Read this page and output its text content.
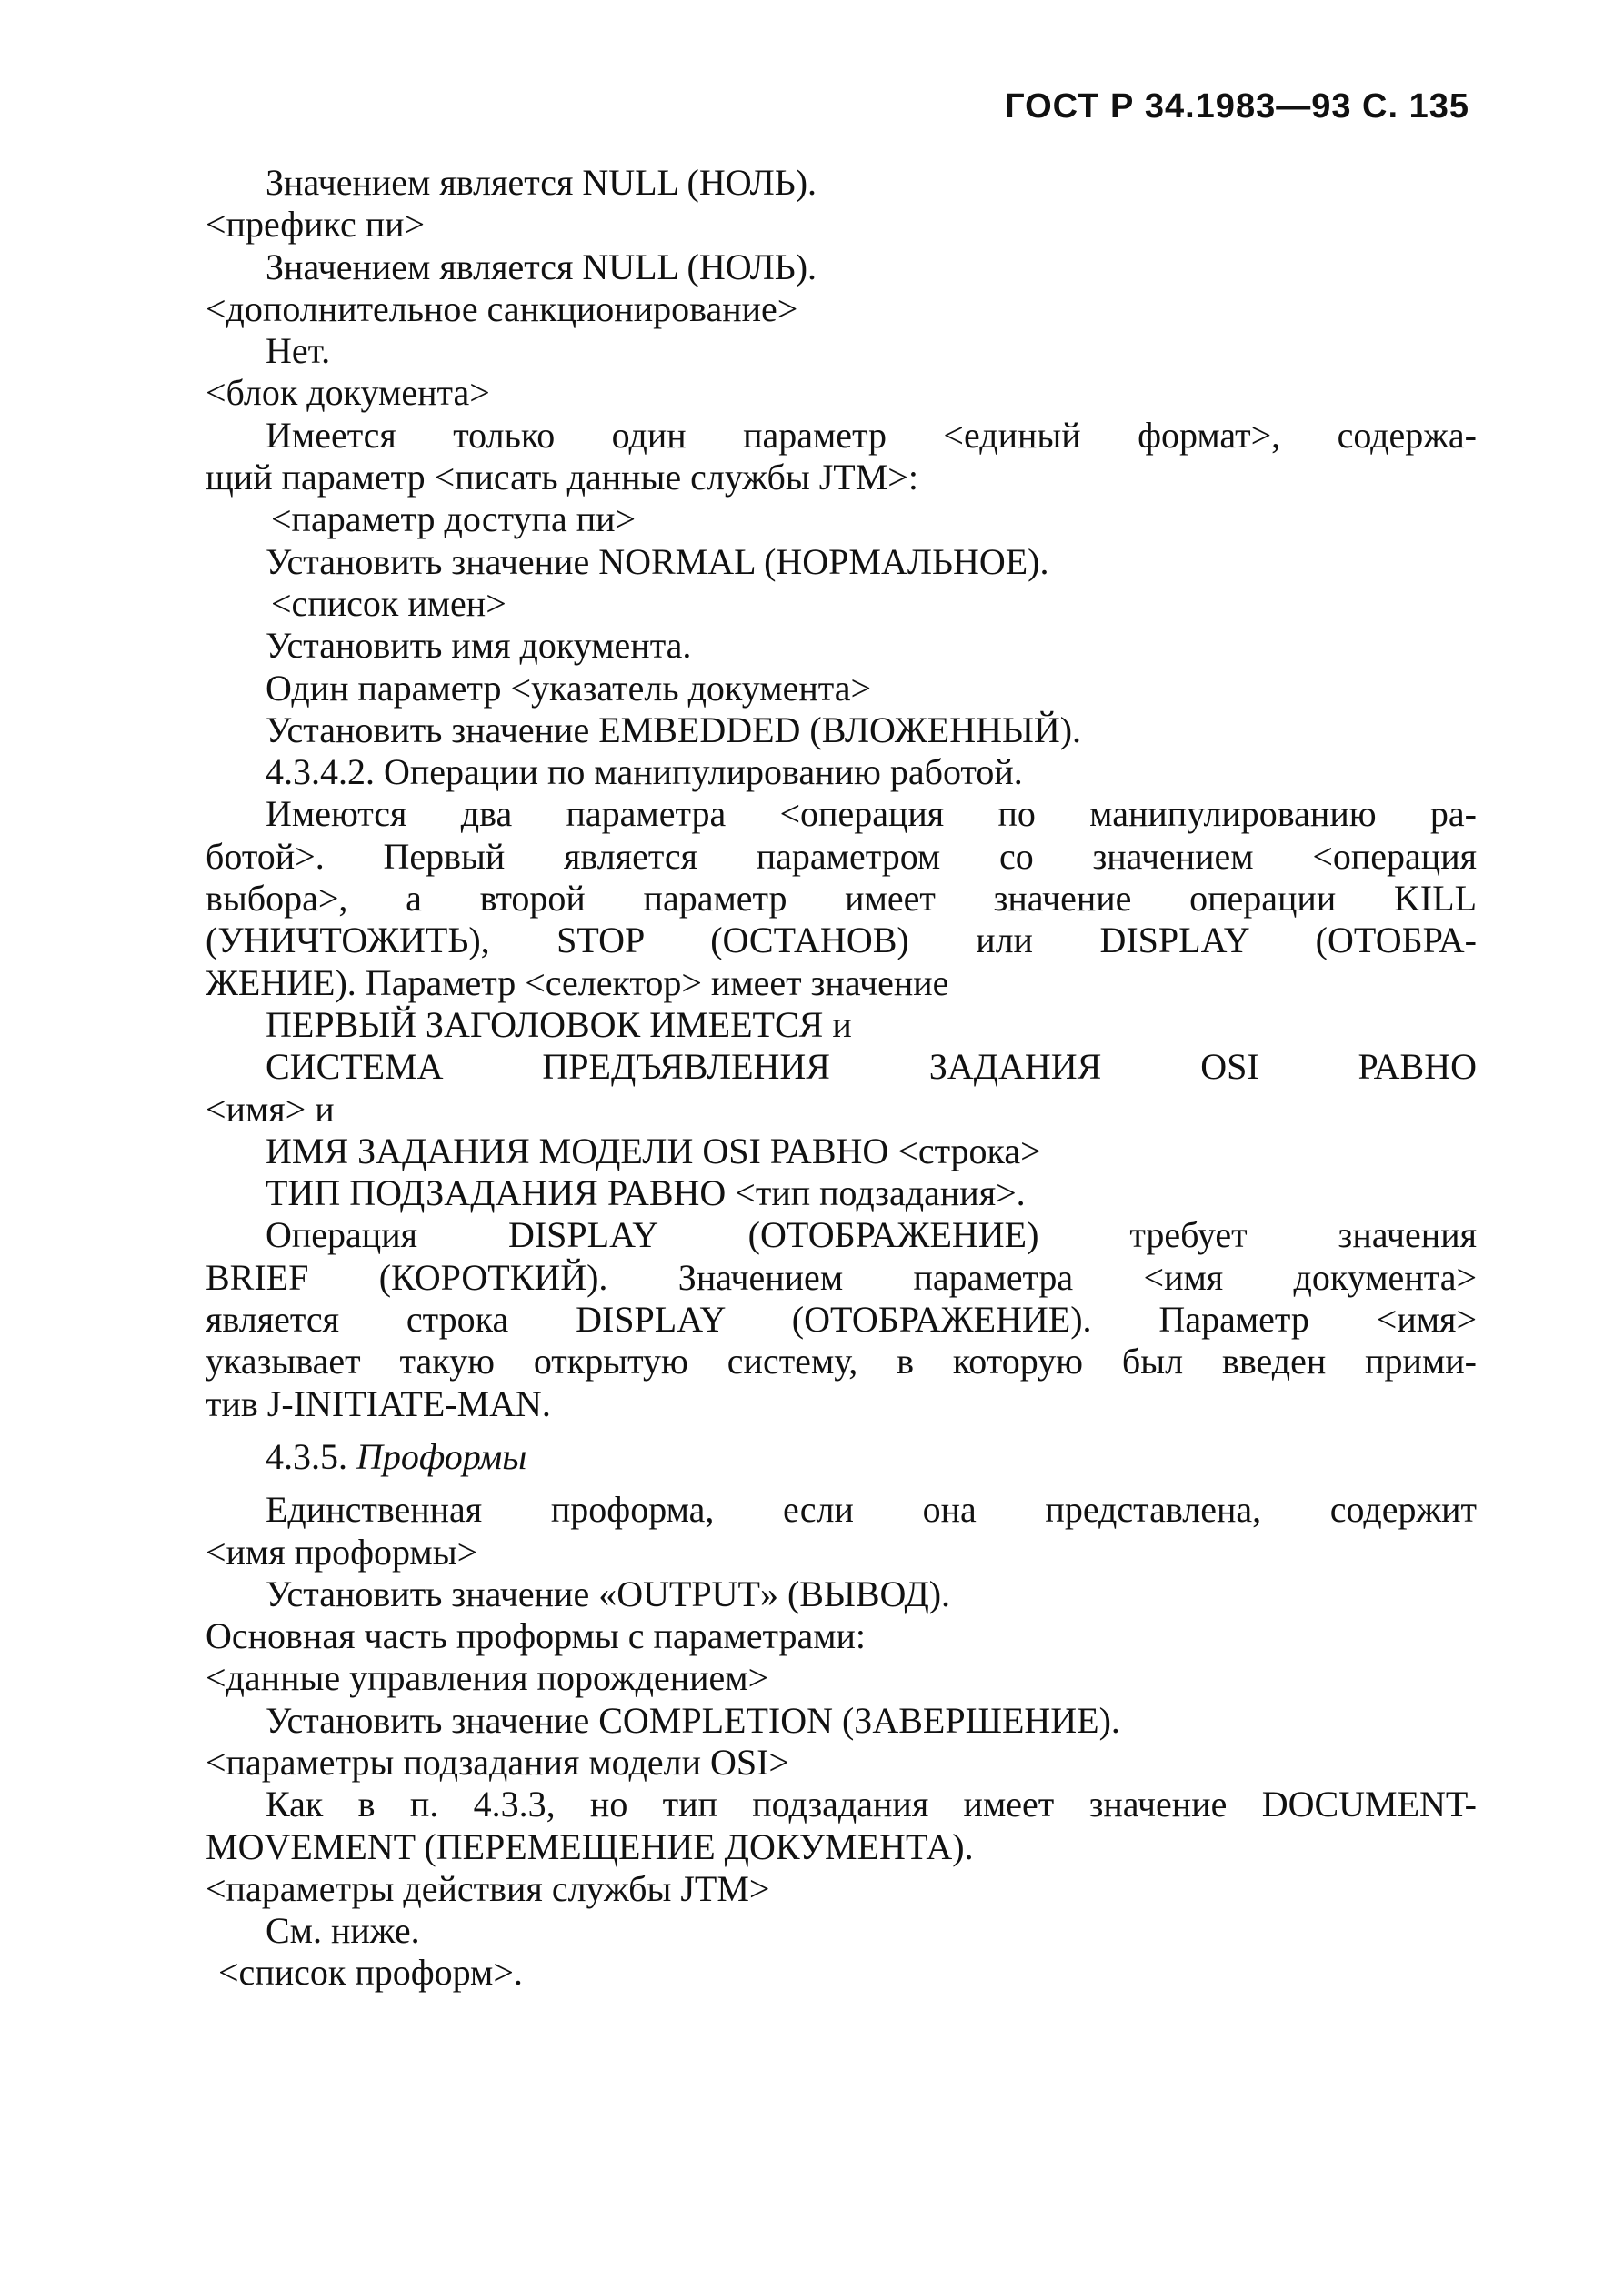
ГОСТ Р 34.1983—93 С. 135
Значением является NULL (НОЛЬ).
<префикс пи>
Значением является NULL (НОЛЬ).
<дополнительное санкционирование>
Нет.
<блок документа>
Имеется только один параметр <единый формат>, содержа-
щий параметр <писать данные службы JTM>:
<параметр доступа пи>
Установить значение NORMAL (НОРМАЛЬНОЕ).
<список имен>
Установить имя документа.
Один параметр <указатель документа>
Установить значение EMBEDDED (ВЛОЖЕННЫЙ).
4.3.4.2. Операции по манипулированию работой.
Имеются два параметра <операция по манипулированию ра-
ботой>. Первый является параметром со значением <операция
выбора>, а второй параметр имеет значение операции KILL
(УНИЧТОЖИТЬ), STOP (ОСТАНОВ) или DISPLAY (ОТОБРА-
ЖЕНИЕ). Параметр <селектор> имеет значение
ПЕРВЫЙ ЗАГОЛОВОК ИМЕЕТСЯ и
СИСТЕМА ПРЕДЪЯВЛЕНИЯ ЗАДАНИЯ OSI РАВНО
<имя> и
ИМЯ ЗАДАНИЯ МОДЕЛИ OSI РАВНО <строка>
ТИП ПОДЗАДАНИЯ РАВНО <тип подзадания>.
Операция DISPLAY (ОТОБРАЖЕНИЕ) требует значения
BRIEF (КОРОТКИЙ). Значением параметра <имя документа>
является строка DISPLAY (ОТОБРАЖЕНИЕ). Параметр <имя>
указывает такую открытую систему, в которую был введен прими-
тив J-INITIATE-MAN.
4.3.5. Проформы
Единственная проформа, если она представлена, содержит
<имя проформы>
Установить значение «OUTPUT» (ВЫВОД).
Основная часть проформы с параметрами:
<данные управления порождением>
Установить значение COMPLETION (ЗАВЕРШЕНИЕ).
<параметры подзадания модели OSI>
Как в п. 4.3.3, но тип подзадания имеет значение DOCUMENT-
MOVEMENT (ПЕРЕМЕЩЕНИЕ ДОКУМЕНТА).
<параметры действия службы JTM>
См. ниже.
<список проформ>.
